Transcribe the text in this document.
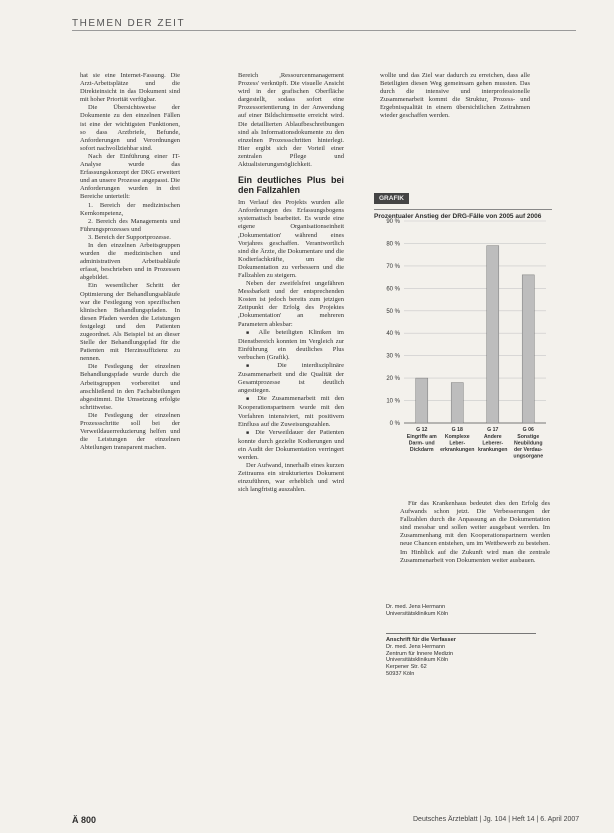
THEMEN DER ZEIT

hat sie eine Internet-Fassung. Die Arzt-Arbeitsplätze und die Direkteinsicht in das Dokument sind mit hoher Priorität verfügbar.

Die Übersichtsweise der Dokumente zu den einzelnen Fällen ist eine der wichtigsten Funktionen, so dass Arztbriefe, Befunde, Anforderungen und Verordnungen sofort nachvollziehbar sind.

Nach der Einführung einer IT-Analyse wurde das Erfassungskonzept der DKG erweitert und an unsere Prozesse angepasst. Die Anforderungen wurden in drei Bereiche unterteilt:

1. Bereich der medizinischen Kernkompetenz,

2. Bereich des Managements und Führungsprozesses und

3. Bereich der Supportprozesse.

In den einzelnen Arbeitsgruppen wurden die medizinischen und administrativen Arbeitsabläufe erfasst, beschrieben und in Prozessen abgebildet.

Ein wesentlicher Schritt der Optimierung der Behandlungsabläufe war die Festlegung von spezifischen klinischen Behandlungspfaden. In diesen Pfaden werden die Leistungen festgelegt und den Patienten zugeordnet. Als Beispiel ist an dieser Stelle der Behandlungspfad für die Patienten mit Herzinsuffizienz zu nennen.

Die Festlegung der einzelnen Behandlungspfade wurde durch die Arbeitsgruppen vorbereitet und anschließend in den Fachabteilungen abgestimmt. Die Umsetzung erfolgte schrittweise.

Die Festlegung der einzelnen Prozessschritte soll bei der Verweildauerreduzierung helfen und die Leistungen der einzelnen Abteilungen transparent machen.

Bereich ,Ressourcenmanagement Prozess' verknüpft. Die visuelle Ansicht wird in der grafischen Oberfläche dargestellt, sodass sofort eine Prozessorientierung in der Anwendung auf einer Bildschirmseite erreicht wird. Die detaillierten Ablaufbeschreibungen sind als Informationsdokumente zu den einzelnen Prozessschritten hinterlegt. Hier ergibt sich der Vorteil einer zentralen Pflege und Aktualisierungsmöglichkeit.

Ein deutliches Plus bei den Fallzahlen

Im Verlauf des Projekts wurden alle Anforderungen des Erfassungsbogens systematisch bearbeitet. Es wurde eine eigene Organisationseinheit ,Dokumentation' während eines Vorjahres geschaffen. Verantwortlich sind die Ärzte, die Dokumentare und die Kodierfachkräfte, um die Dokumentation zu verbessern und die Fallzahlen zu steigern.

Neben der zweifelsfrei ungefähren Messbarkeit und der entsprechenden Kosten ist jedoch bereits zum jetzigen Zeitpunkt der Erfolg des Projektes ,Dokumentation' an mehreren Parametern ablesbar:

■ Alle beteiligten Kliniken im Dienstbereich konnten im Vergleich zur Einführung ein deutliches Plus verbuchen (Grafik).

■ Die interdisziplinäre Zusammenarbeit und die Qualität der Gesamtprozesse ist deutlich angestiegen.

■ Die Zusammenarbeit mit den Kooperationspartnern wurde mit den Vorfahren intensiviert, mit positivem Einfluss auf die Zuweisungszahlen.

■ Die Verweildauer der Patienten konnte durch gezielte Kodierungen und ein Audit der Dokumentation verringert werden.

Der Aufwand, innerhalb eines kurzen Zeitraums ein strukturiertes Dokument einzuführen, war erheblich und wird sich langfristig auszahlen.

wollte und das Ziel war dadurch zu erreichen, dass alle Beteiligten diesen Weg gemeinsam gehen mussten. Das durch die intensive und interprofessionelle Zusammenarbeit kommt die Struktur, Prozess- und Ergebnisqualität in einem übersichtlichen Zeitrahmen wieder geschaffen werden.

GRAFIK
Prozentualer Anstieg der DRG-Fälle von 2005 auf 2006
0 %
10 %
20 %
30 %
40 %
50 %
60 %
70 %
80 %
90 %
G 12
Eingriffe am
Darm- und
Dickdarm
G 18
Komplexe
Leber-
erkrankungen
G 17
Andere
Leberer-
krankungen
G 06
Sonstige
Neubildung
der Verdau-
ungsorgane

Für das Krankenhaus bedeutet dies den Erfolg des Aufwands schon jetzt. Die Verbesserungen der Fallzahlen durch die Anpassung an die Dokumentation sind messbar und sollen weiter ausgebaut werden. Im Zusammenhang mit den Kooperationspartnern werden neue Chancen entstehen, um im Wettbewerb zu bestehen. Im Hinblick auf die Zukunft wird man die zentrale Zusammenarbeit von Dokumenten weiter ausbauen.

Dr. med. Jens Hermann
Universitätsklinikum Köln
Anschrift für die Verfasser
Dr. med. Jens Hermann
Zentrum für Innere Medizin
Universitätsklinikum Köln
Kerpener Str. 62
50937 Köln
Ä 800	Deutsches Ärzteblatt | Jg. 104 | Heft 14 | 6. April 2007
